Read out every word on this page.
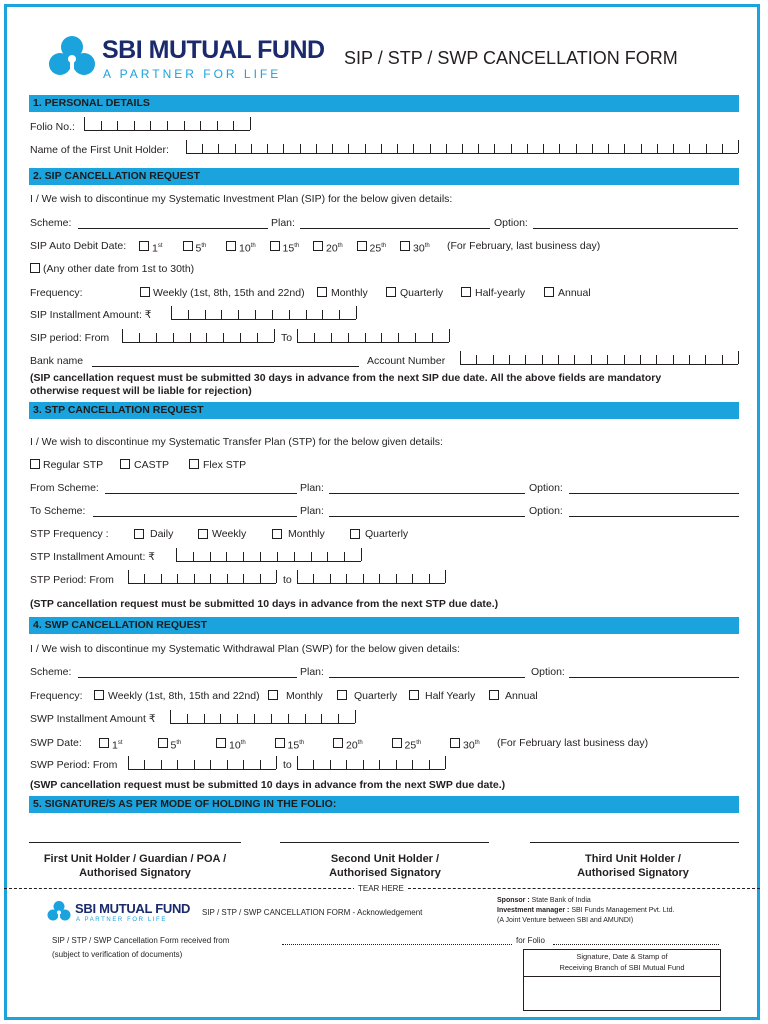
SBI MUTUAL FUND
A PARTNER FOR LIFE
SIP / STP / SWP CANCELLATION FORM
1. PERSONAL DETAILS
Folio No.:
Name of the First Unit Holder:
2. SIP CANCELLATION REQUEST
I / We wish to discontinue my Systematic Investment Plan (SIP) for the below given details:
Scheme:	Plan:	Option:
SIP Auto Debit Date: 1st	5th	10th	15th	20th	25th	30th (For February, last business day)
(Any other date from 1st to 30th)
Frequency:	Weekly (1st, 8th, 15th and 22nd)	Monthly	Quarterly	Half-yearly	Annual
SIP Installment Amount: ₹
SIP period: From	To
Bank name	Account Number
(SIP cancellation request must be submitted 30 days in advance from the next SIP due date. All the above fields are mandatory
otherwise request will be liable for rejection)
3. STP CANCELLATION REQUEST
I / We wish to discontinue my Systematic Transfer Plan (STP) for the below given details:
Regular STP	CASTP	Flex STP
From Scheme:	Plan:	Option:
To Scheme:	Plan:	Option:
STP Frequency :	Daily	Weekly	Monthly	Quarterly
STP Installment Amount: ₹
STP Period: From	to
(STP cancellation request must be submitted 10 days in advance from the next STP due date.)
4. SWP CANCELLATION REQUEST
I / We wish to discontinue my Systematic Withdrawal Plan (SWP) for the below given details:
Scheme:	Plan:	Option:
Frequency: Weekly (1st, 8th, 15th and 22nd)	Monthly	Quarterly	Half Yearly	Annual
SWP Installment Amount ₹
SWP Date:	1st	5th	10th	15th	20th	25th	30th (For February last business day)
SWP Period: From	to
(SWP cancellation request must be submitted 10 days in advance from the next SWP due date.)
5. SIGNATURE/S AS PER MODE OF HOLDING IN THE FOLIO:
First Unit Holder / Guardian / POA /
Authorised Signatory
Second Unit Holder /
Authorised Signatory
Third Unit Holder /
Authorised Signatory
TEAR HERE
SBI MUTUAL FUND
A PARTNER FOR LIFE
SIP / STP / SWP CANCELLATION FORM - Acknowledgement
Sponsor : State Bank of India
Investment manager : SBI Funds Management Pvt. Ltd.
(A Joint Venture between SBI and AMUNDI)
SIP / STP / SWP Cancellation Form received from	for Folio
(subject to verification of documents)	Signature, Date & Stamp of
Receiving Branch of SBI Mutual Fund
